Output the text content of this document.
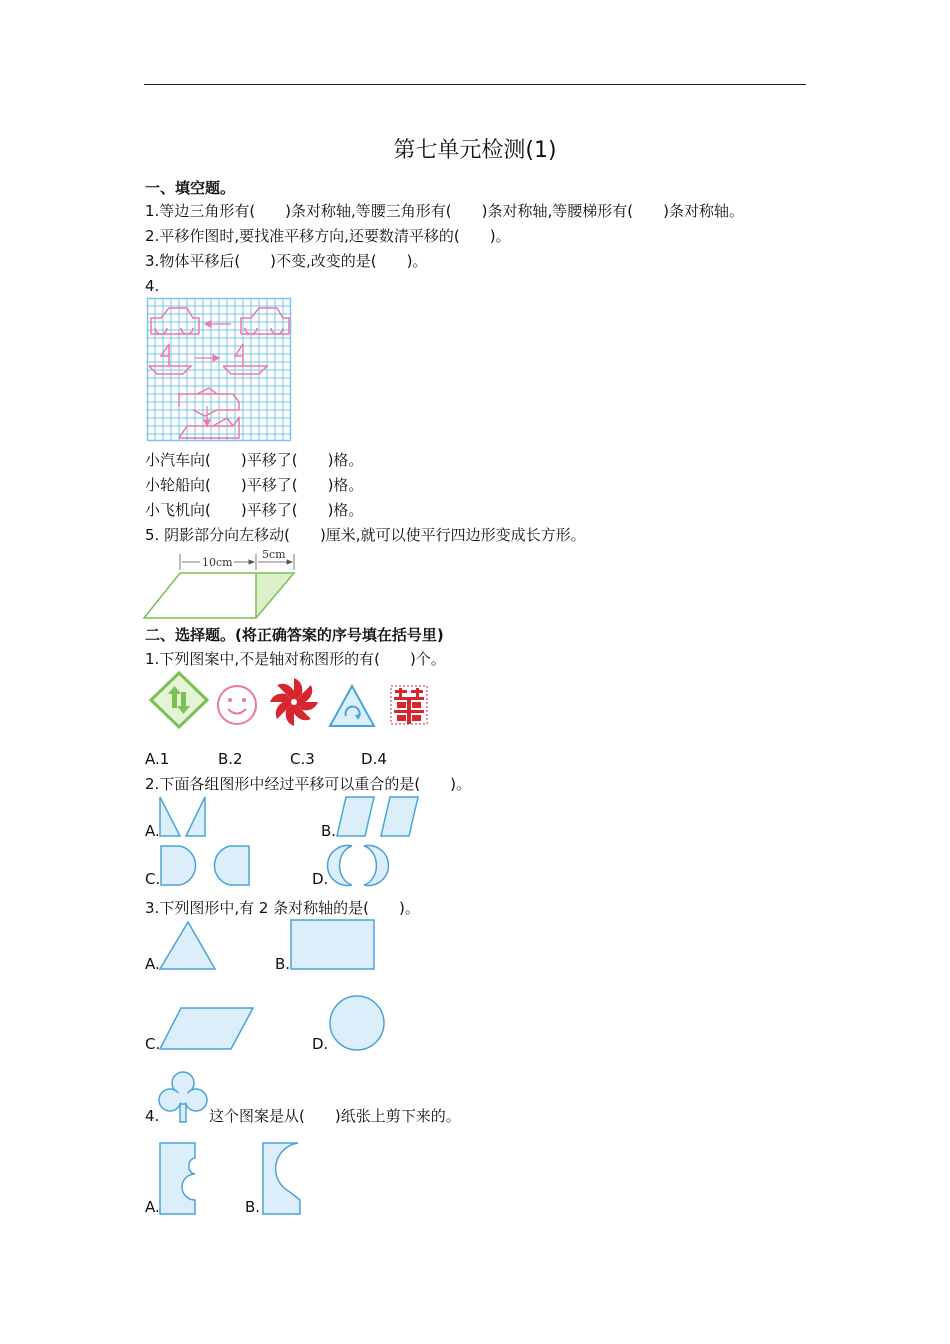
第七单元检测(1)
一、填空题。
1.等边三角形有( )条对称轴,等腰三角形有( )条对称轴,等腰梯形有( )条对称轴。
2.平移作图时,要找准平移方向,还要数清平移的( )。
3.物体平移后( )不变,改变的是( )。
4.
小汽车向( )平移了( )格。
小轮船向( )平移了( )格。
小飞机向( )平移了( )格。
5. 阴影部分向左移动( )厘米,就可以使平行四边形变成长方形。
10cm
5cm
二、选择题。(将正确答案的序号填在括号里)
1.下列图案中,不是轴对称图形的有( )个。
A.1	B.2	C.3	D.4
2.下面各组图形中经过平移可以重合的是( )。
A.	B.
C.	D.
3.下列图形中,有 2 条对称轴的是( )。
A.	B.
C.	D.
4.	这个图案是从( )纸张上剪下来的。
A.	B.
